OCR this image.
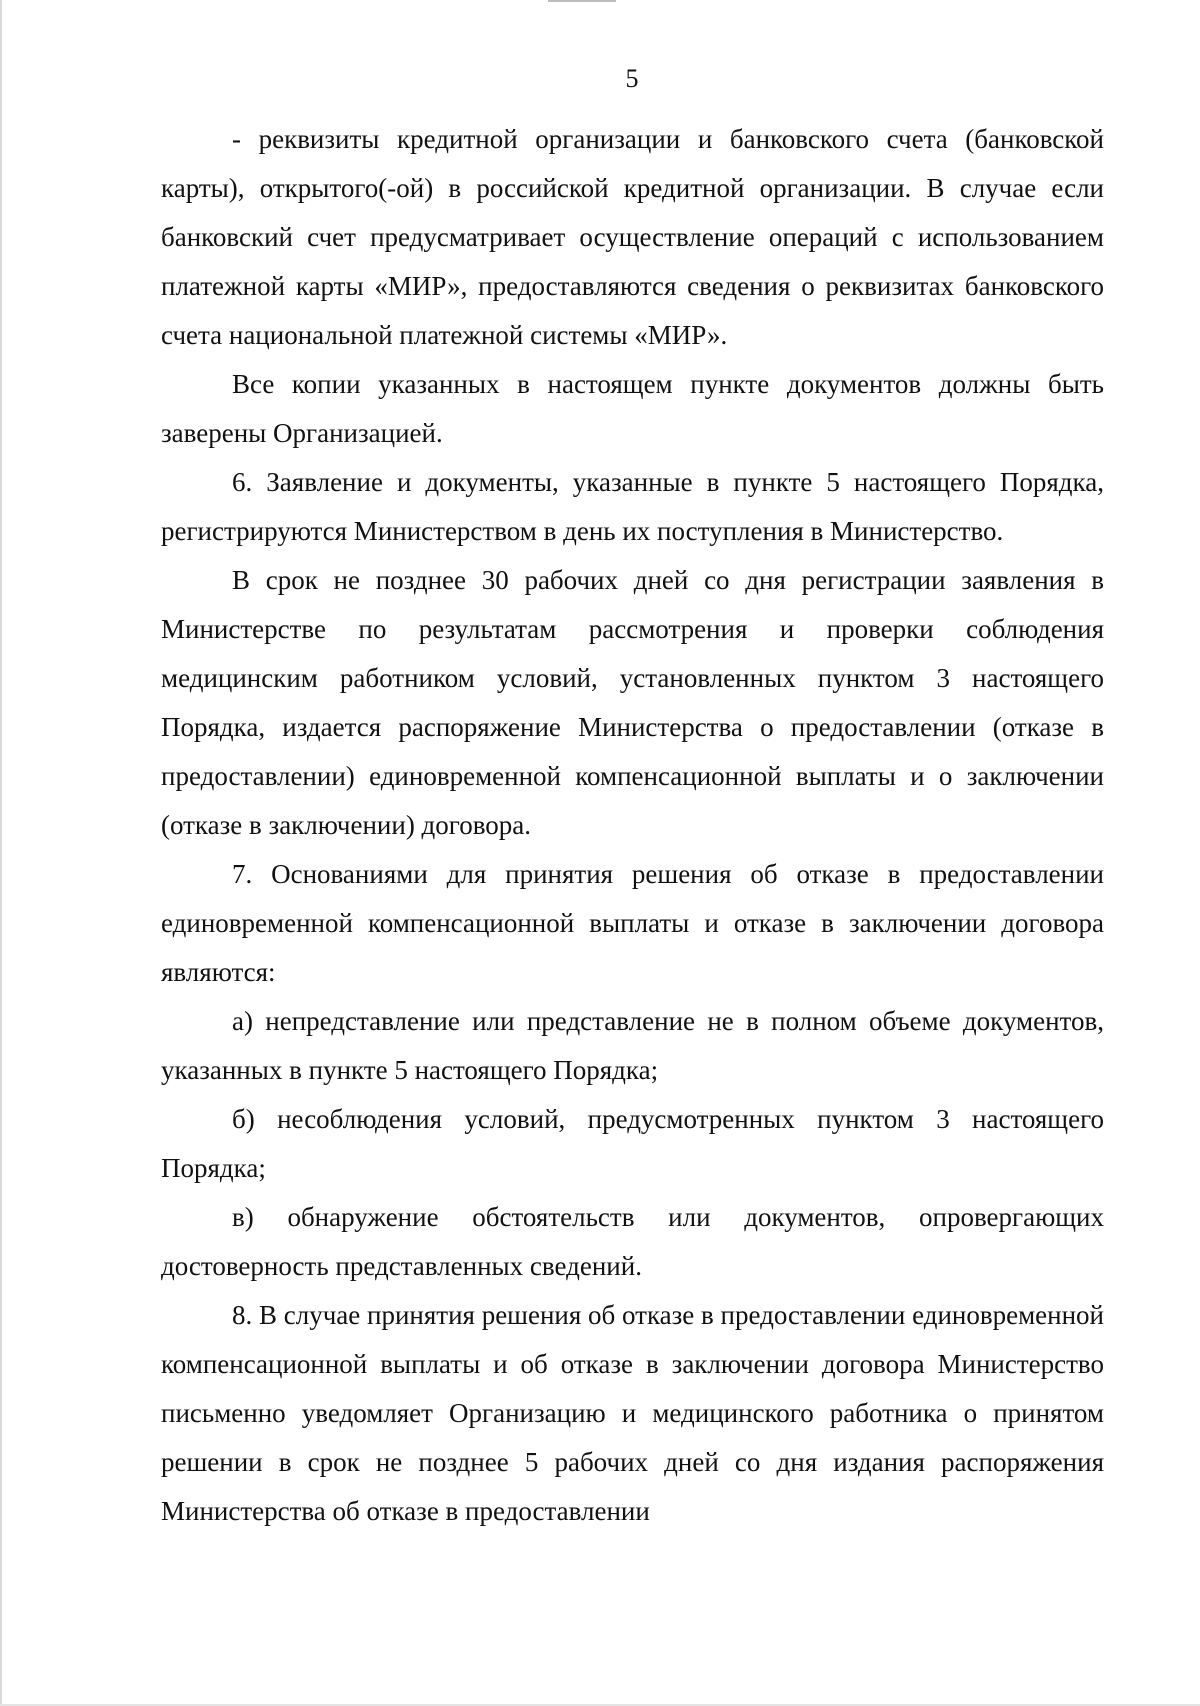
5

- реквизиты кредитной организации и банковского счета (банковской карты), открытого(-ой) в российской кредитной организации. В случае если банковский счет предусматривает осуществление операций с использованием платежной карты «МИР», предоставляются сведения о реквизитах банковского счета национальной платежной системы «МИР».

Все копии указанных в настоящем пункте документов должны быть заверены Организацией.

6. Заявление и документы, указанные в пункте 5 настоящего Порядка, регистрируются Министерством в день их поступления в Министерство.

В срок не позднее 30 рабочих дней со дня регистрации заявления в Министерстве по результатам рассмотрения и проверки соблюдения медицинским работником условий, установленных пунктом 3 настоящего Порядка, издается распоряжение Министерства о предоставлении (отказе в предоставлении) единовременной компенсационной выплаты и о заключении (отказе в заключении) договора.

7. Основаниями для принятия решения об отказе в предоставлении единовременной компенсационной выплаты и отказе в заключении договора являются:

а) непредставление или представление не в полном объеме документов, указанных в пункте 5 настоящего Порядка;

б) несоблюдения условий, предусмотренных пунктом 3 настоящего Порядка;

в) обнаружение обстоятельств или документов, опровергающих достоверность представленных сведений.

8. В случае принятия решения об отказе в предоставлении единовременной компенсационной выплаты и об отказе в заключении договора Министерство письменно уведомляет Организацию и медицинского работника о принятом решении в срок не позднее 5 рабочих дней со дня издания распоряжения Министерства об отказе в предоставлении
